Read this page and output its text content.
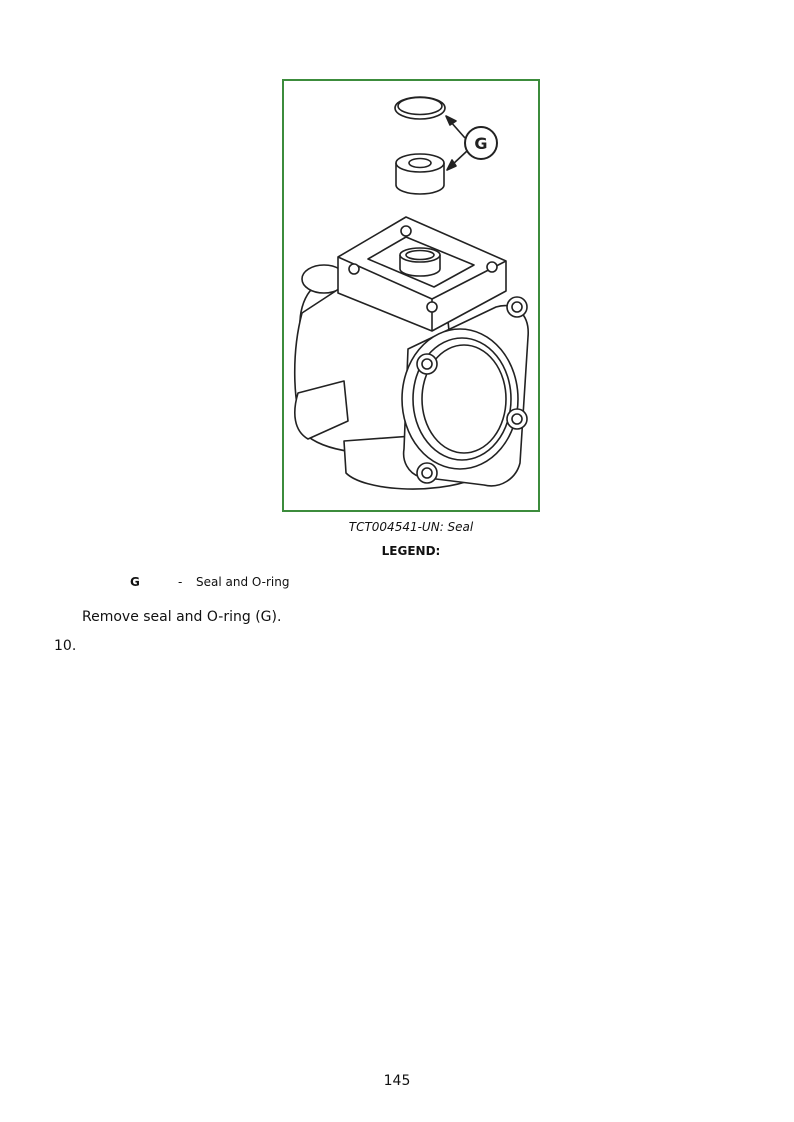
G
TCT004541-UN: Seal
LEGEND:
G	- Seal and O-ring
Remove seal and O-ring (G).
10.
145
